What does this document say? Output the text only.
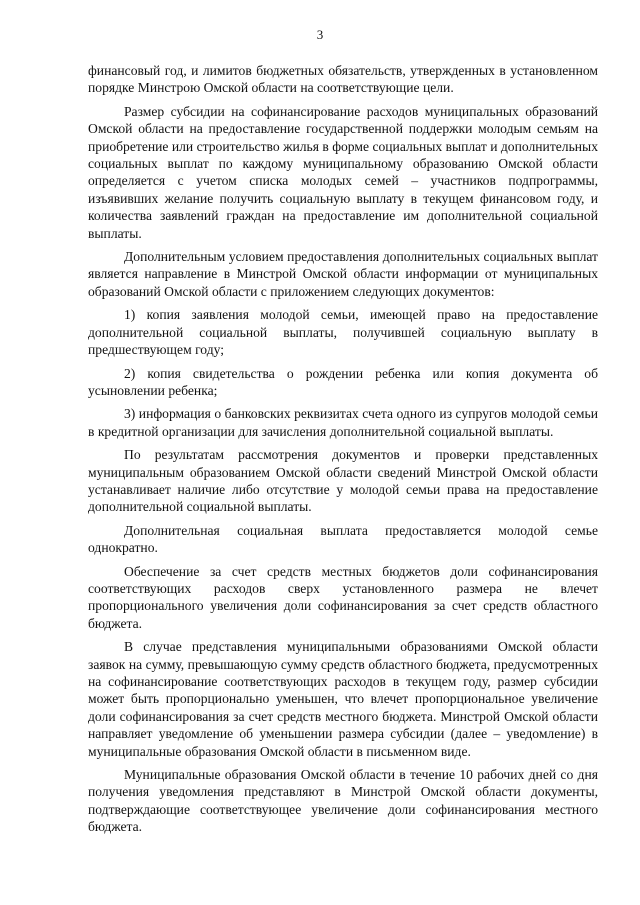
3

финансовый год, и лимитов бюджетных обязательств, утвержденных в установленном порядке Минстрою Омской области на соответствующие цели.

Размер субсидии на софинансирование расходов муниципальных образований Омской области на предоставление государственной поддержки молодым семьям на приобретение или строительство жилья в форме социальных выплат и дополнительных социальных выплат по каждому муниципальному образованию Омской области определяется с учетом списка молодых семей – участников подпрограммы, изъявивших желание получить социальную выплату в текущем финансовом году, и количества заявлений граждан на предоставление им дополнительной социальной выплаты.

Дополнительным условием предоставления дополнительных социальных выплат является направление в Минстрой Омской области информации от муниципальных образований Омской области с приложением следующих документов:

1) копия заявления молодой семьи, имеющей право на предоставление дополнительной социальной выплаты, получившей социальную выплату в предшествующем году;

2) копия свидетельства о рождении ребенка или копия документа об усыновлении ребенка;

3) информация о банковских реквизитах счета одного из супругов молодой семьи в кредитной организации для зачисления дополнительной социальной выплаты.

По результатам рассмотрения документов и проверки представленных муниципальным образованием Омской области сведений Минстрой Омской области устанавливает наличие либо отсутствие у молодой семьи права на предоставление дополнительной социальной выплаты.

Дополнительная социальная выплата предоставляется молодой семье однократно.

Обеспечение за счет средств местных бюджетов доли софинансирования соответствующих расходов сверх установленного размера не влечет пропорционального увеличения доли софинансирования за счет средств областного бюджета.

В случае представления муниципальными образованиями Омской области заявок на сумму, превышающую сумму средств областного бюджета, предусмотренных на софинансирование соответствующих расходов в текущем году, размер субсидии может быть пропорционально уменьшен, что влечет пропорциональное увеличение доли софинансирования за счет средств местного бюджета. Минстрой Омской области направляет уведомление об уменьшении размера субсидии (далее – уведомление) в муниципальные образования Омской области в письменном виде.

Муниципальные образования Омской области в течение 10 рабочих дней со дня получения уведомления представляют в Минстрой Омской области документы, подтверждающие соответствующее увеличение доли софинансирования местного бюджета.
